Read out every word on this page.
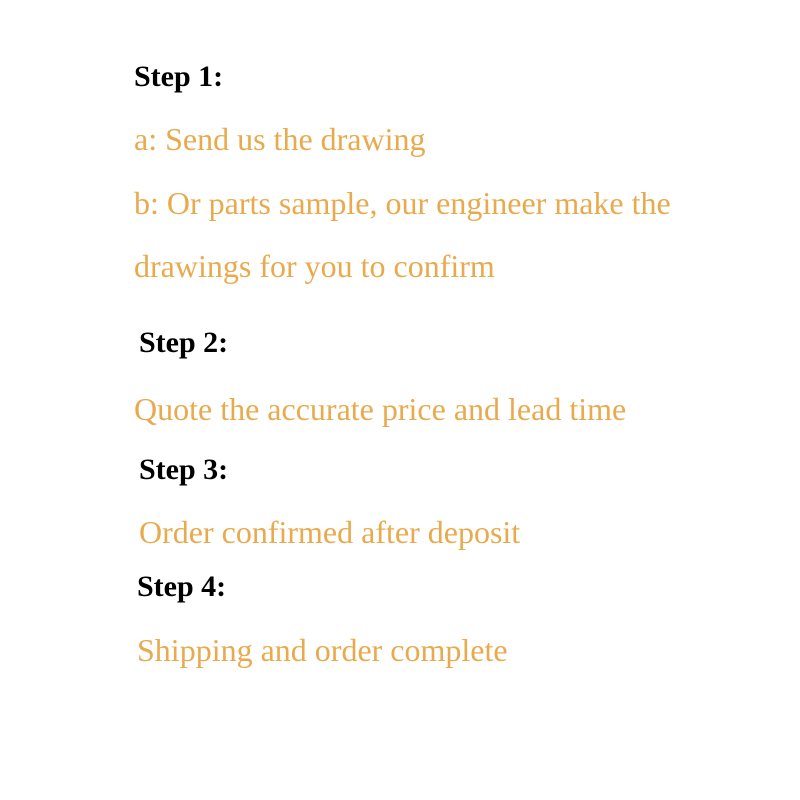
Step 1:
a: Send us the drawing
b: Or parts sample, our engineer make the
drawings for you to confirm
Step 2:
Quote the accurate price and lead time
Step 3:
Order confirmed after deposit
Step 4:
Shipping and order complete
